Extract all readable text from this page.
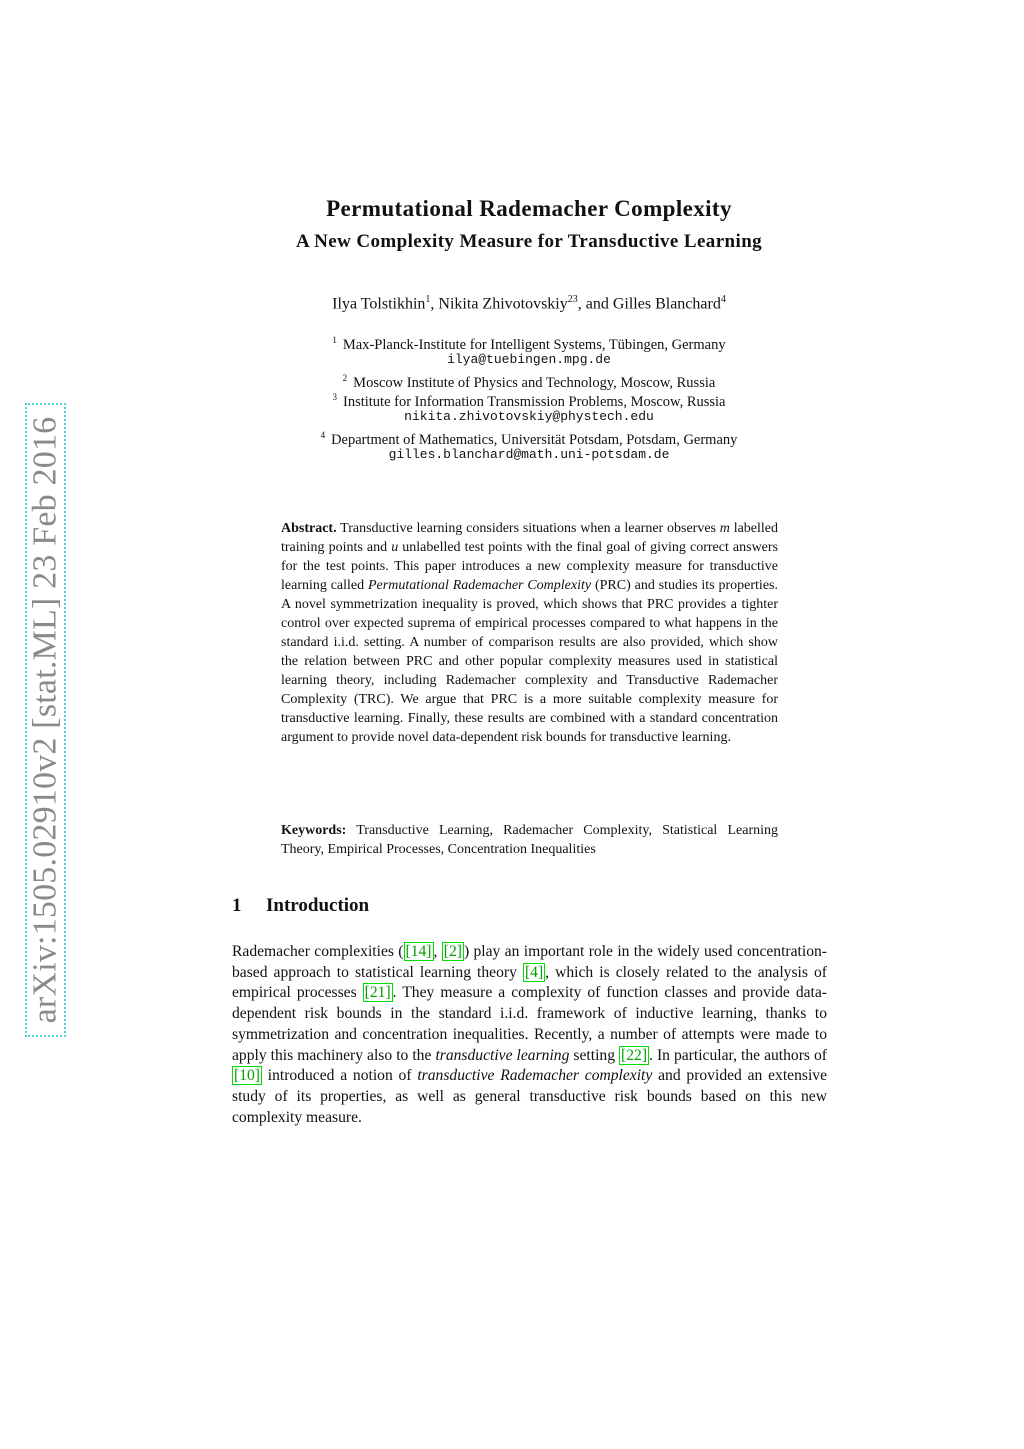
arXiv:1505.02910v2 [stat.ML] 23 Feb 2016
Permutational Rademacher Complexity
A New Complexity Measure for Transductive Learning
Ilya Tolstikhin$^1$, Nikita Zhivotovskiy$^{23}$, and Gilles Blanchard$^4$
$^1$ Max-Planck-Institute for Intelligent Systems, Tübingen, Germany
ilya@tuebingen.mpg.de
$^2$ Moscow Institute of Physics and Technology, Moscow, Russia
$^3$ Institute for Information Transmission Problems, Moscow, Russia
nikita.zhivotovskiy@phystech.edu
$^4$ Department of Mathematics, Universität Potsdam, Potsdam, Germany
gilles.blanchard@math.uni-potsdam.de
Abstract. Transductive learning considers situations when a learner observes m labelled training points and u unlabelled test points with the final goal of giving correct answers for the test points. This paper introduces a new complexity measure for transductive learning called Permutational Rademacher Complexity (PRC) and studies its properties. A novel symmetrization inequality is proved, which shows that PRC provides a tighter control over expected suprema of empirical processes compared to what happens in the standard i.i.d. setting. A number of comparison results are also provided, which show the relation between PRC and other popular complexity measures used in statistical learning theory, including Rademacher complexity and Transductive Rademacher Complexity (TRC). We argue that PRC is a more suitable complexity measure for transductive learning. Finally, these results are combined with a standard concentration argument to provide novel data-dependent risk bounds for transductive learning.
Keywords: Transductive Learning, Rademacher Complexity, Statistical Learning Theory, Empirical Processes, Concentration Inequalities
1 Introduction
Rademacher complexities ( [14] , [2] ) play an important role in the widely used concentration-based approach to statistical learning theory [4] , which is closely related to the analysis of empirical processes [21] . They measure a complexity of function classes and provide data-dependent risk bounds in the standard i.i.d. framework of inductive learning, thanks to symmetrization and concentration inequalities. Recently, a number of attempts were made to apply this machinery also to the transductive learning setting [22] . In particular, the authors of [10] introduced a notion of transductive Rademacher complexity and provided an extensive study of its properties, as well as general transductive risk bounds based on this new complexity measure.
